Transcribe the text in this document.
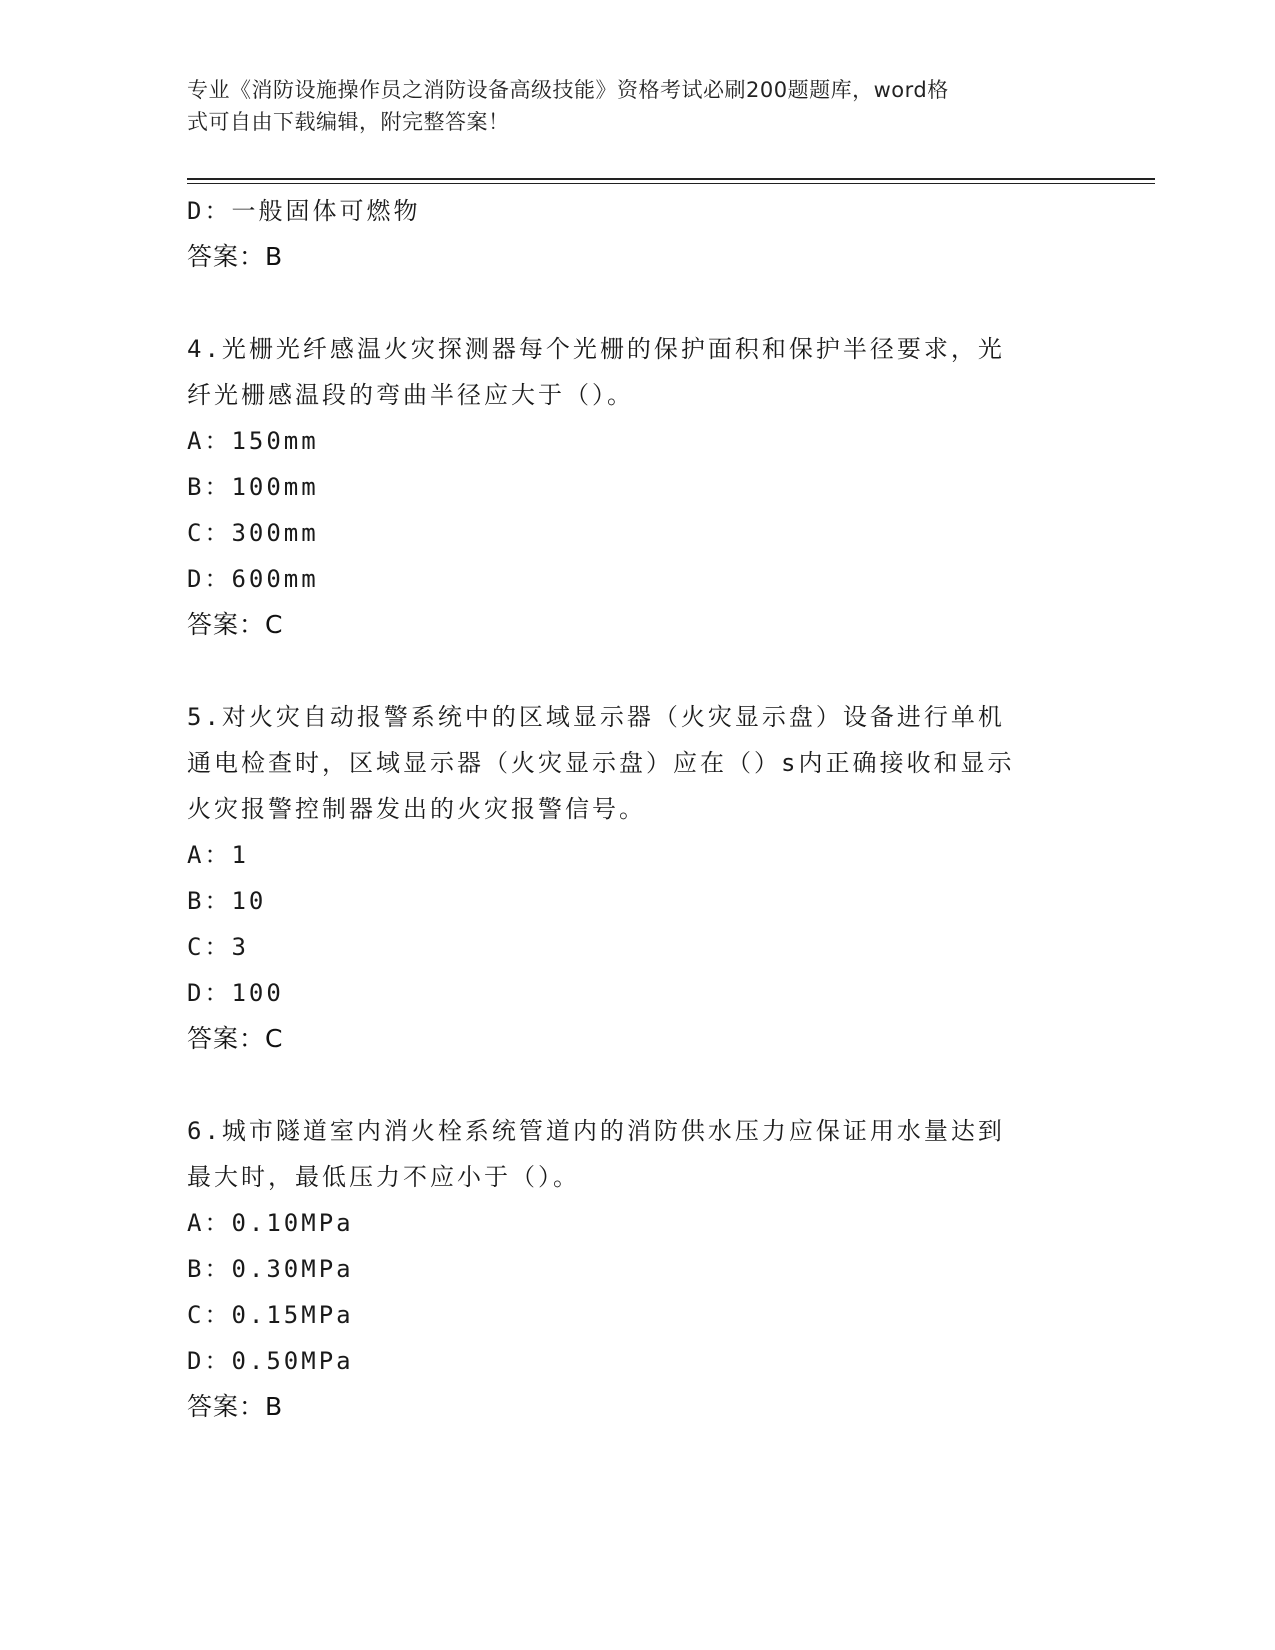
专业《消防设施操作员之消防设备高级技能》资格考试必刷200题题库，word格
式可自由下载编辑，附完整答案！
D：一般固体可燃物
答案：B
4.光栅光纤感温火灾探测器每个光栅的保护面积和保护半径要求，光
纤光栅感温段的弯曲半径应大于（）。
A：150mm
B：100mm
C：300mm
D：600mm
答案：C
5.对火灾自动报警系统中的区域显示器（火灾显示盘）设备进行单机
通电检查时，区域显示器（火灾显示盘）应在（）s内正确接收和显示
火灾报警控制器发出的火灾报警信号。
A：1
B：10
C：3
D：100
答案：C
6.城市隧道室内消火栓系统管道内的消防供水压力应保证用水量达到
最大时，最低压力不应小于（）。
A：0.10MPa
B：0.30MPa
C：0.15MPa
D：0.50MPa
答案：B
